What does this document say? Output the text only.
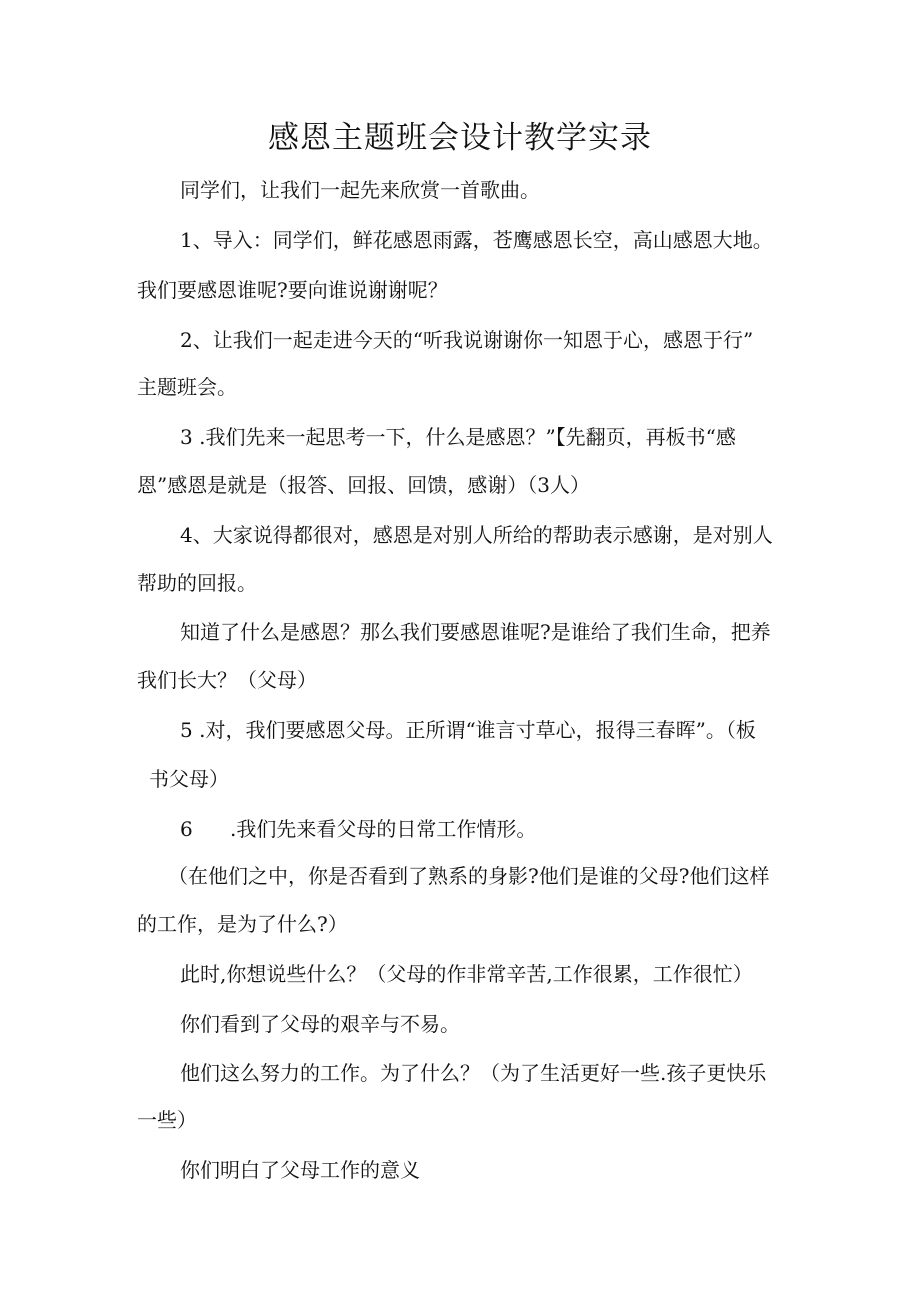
感恩主题班会设计教学实录
同学们，让我们一起先来欣赏一首歌曲。
1、导入：同学们，鲜花感恩雨露，苍鹰感恩长空，高山感恩大地。
我们要感恩谁呢?要向谁说谢谢呢？
2、让我们一起走进今天的“听我说谢谢你一知恩于心，感恩于行”
主题班会。
3 .我们先来一起思考一下，什么是感恩？”【先翻页，再板书“感
恩”感恩是就是（报答、回报、回馈，感谢）（3人）
4、大家说得都很对，感恩是对别人所给的帮助表示感谢，是对别人
帮助的回报。
知道了什么是感恩？那么我们要感恩谁呢?是谁给了我们生命，把养
我们长大？（父母）
5 .对，我们要感恩父母。正所谓“谁言寸草心，报得三春晖”。（板
书父母）
6 .我们先来看父母的日常工作情形。
（在他们之中，你是否看到了熟系的身影?他们是谁的父母?他们这样
的工作，是为了什么?）
此时,你想说些什么？（父母的作非常辛苦,工作很累，工作很忙）
你们看到了父母的艰辛与不易。
他们这么努力的工作。为了什么？（为了生活更好一些.孩子更快乐
一些）
你们明白了父母工作的意义
